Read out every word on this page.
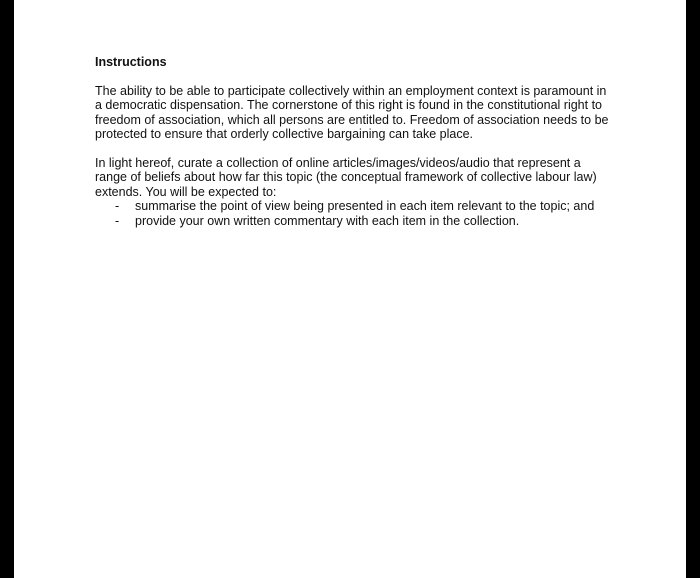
Instructions

The ability to be able to participate collectively within an employment context is paramount in a democratic dispensation. The cornerstone of this right is found in the constitutional right to freedom of association, which all persons are entitled to. Freedom of association needs to be protected to ensure that orderly collective bargaining can take place.

In light hereof, curate a collection of online articles/images/videos/audio that represent a range of beliefs about how far this topic (the conceptual framework of collective labour law) extends. You will be expected to:

- summarise the point of view being presented in each item relevant to the topic; and
- provide your own written commentary with each item in the collection.
